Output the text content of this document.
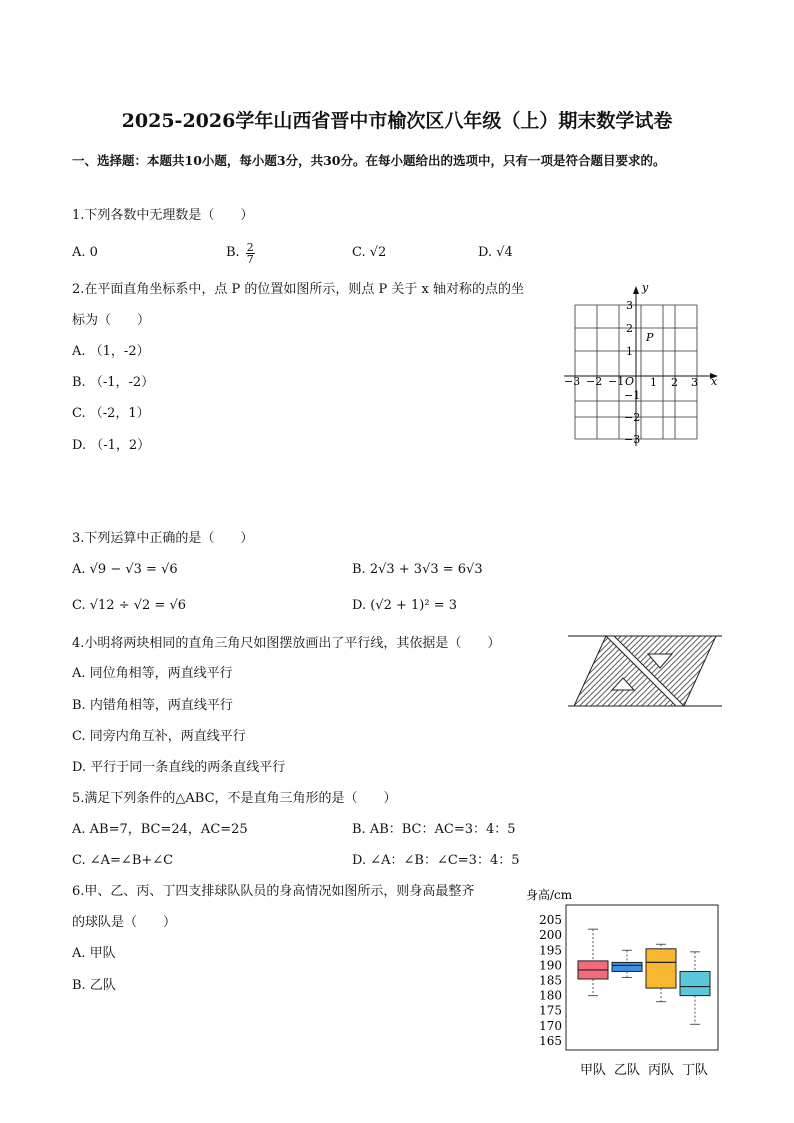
2025-2026学年山西省晋中市榆次区八年级（上）期末数学试卷
一、选择题：本题共10小题，每小题3分，共30分。在每小题给出的选项中，只有一项是符合题目要求的。
1.下列各数中无理数是（　　）
A. 0	B. $\frac{2}{7}$	C. √2	D. √4
2.在平面直角坐标系中，点 P 的位置如图所示，则点 P 关于 x 轴对称的点的坐
标为（　　）
A. （1，-2）
B. （-1，-2）
C. （-2，1）
D. （-1，2）
x
y
O
P
−3 −2 −1 1 2 3
3
2
1
−1
−2
−3
3.下列运算中正确的是（　　）
A. √9 − √3 = √6	B. 2√3 + 3√3 = 6√3
C. √12 ÷ √2 = √6	D. (√2 + 1)² = 3
4.小明将两块相同的直角三角尺如图摆放画出了平行线，其依据是（　　）
A. 同位角相等，两直线平行
B. 内错角相等，两直线平行
C. 同旁内角互补，两直线平行
D. 平行于同一条直线的两条直线平行
5.满足下列条件的△ABC，不是直角三角形的是（　　）
A. AB=7，BC=24，AC=25	B. AB：BC：AC=3：4：5
C. ∠A=∠B+∠C	D. ∠A：∠B：∠C=3：4：5
6.甲、乙、丙、丁四支排球队队员的身高情况如图所示，则身高最整齐
的球队是（　　）
A. 甲队
B. 乙队
身高/cm
205
200
195
190
185
180
175
170
165
甲队 乙队 丙队 丁队
